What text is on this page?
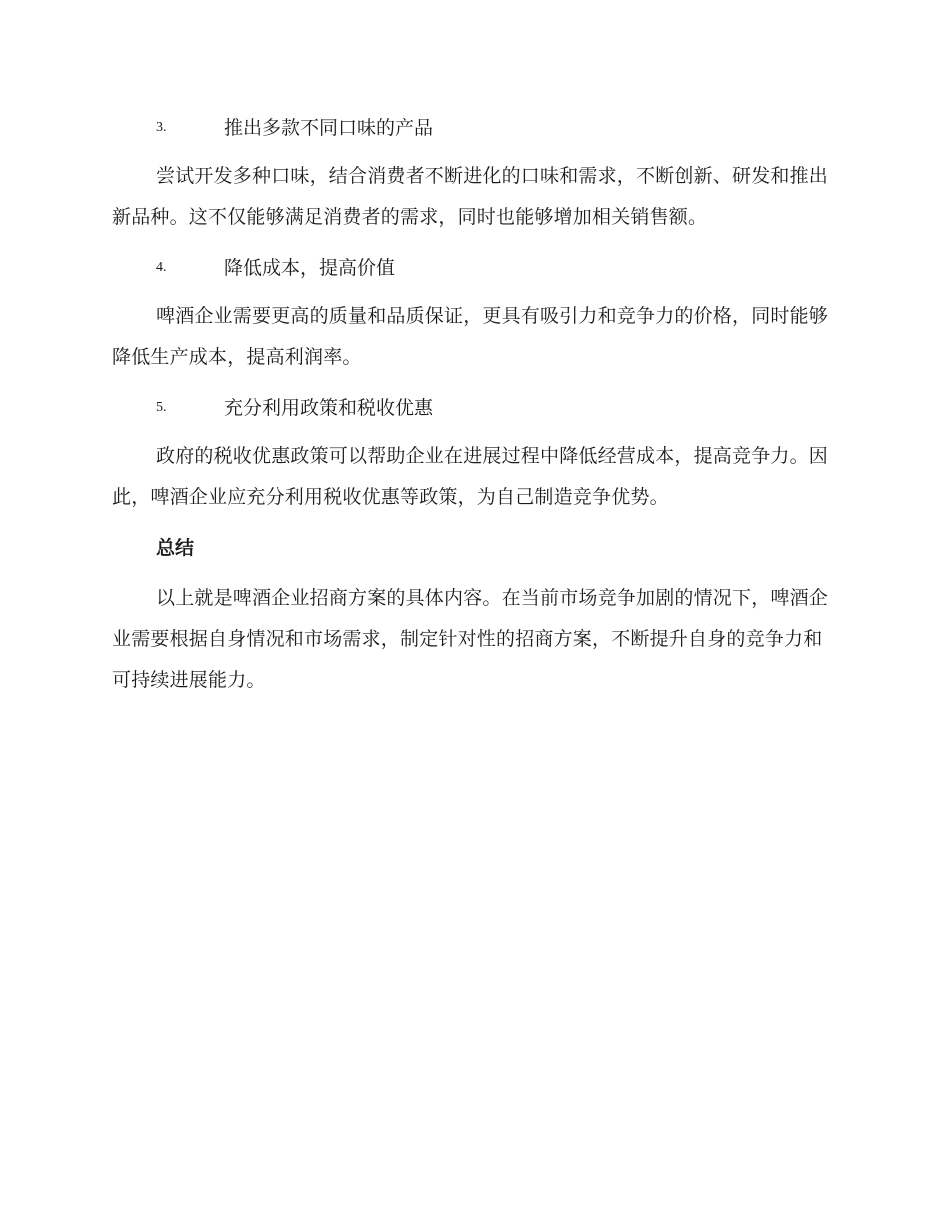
3.	推出多款不同口味的产品

尝试开发多种口味，结合消费者不断进化的口味和需求，不断创新、研发和推出新品种。这不仅能够满足消费者的需求，同时也能够增加相关销售额。

4.	降低成本，提高价值

啤酒企业需要更高的质量和品质保证，更具有吸引力和竞争力的价格，同时能够降低生产成本，提高利润率。

5.	充分利用政策和税收优惠

政府的税收优惠政策可以帮助企业在进展过程中降低经营成本，提高竞争力。因此，啤酒企业应充分利用税收优惠等政策，为自己制造竞争优势。

总结

以上就是啤酒企业招商方案的具体内容。在当前市场竞争加剧的情况下，啤酒企业需要根据自身情况和市场需求，制定针对性的招商方案，不断提升自身的竞争力和可持续进展能力。
